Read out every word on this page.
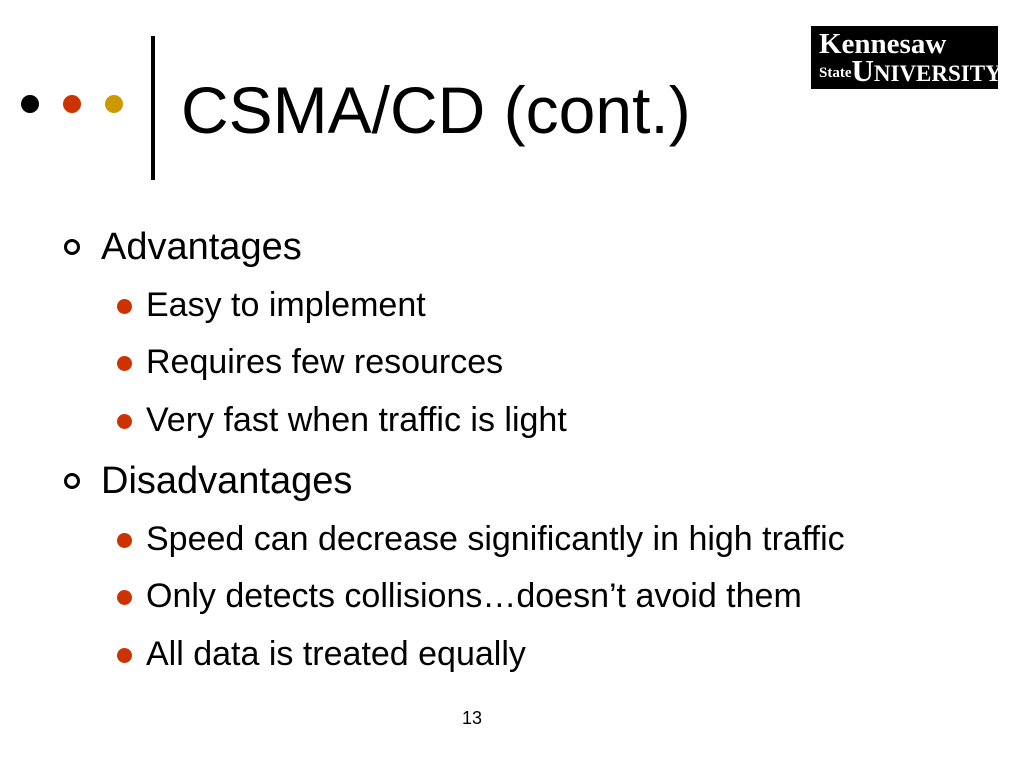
CSMA/CD (cont.)
Kennesaw
StateUNIVERSITY
Advantages
Easy to implement
Requires few resources
Very fast when traffic is light
Disadvantages
Speed can decrease significantly in high traffic
Only detects collisions…doesn’t avoid them
All data is treated equally
13
